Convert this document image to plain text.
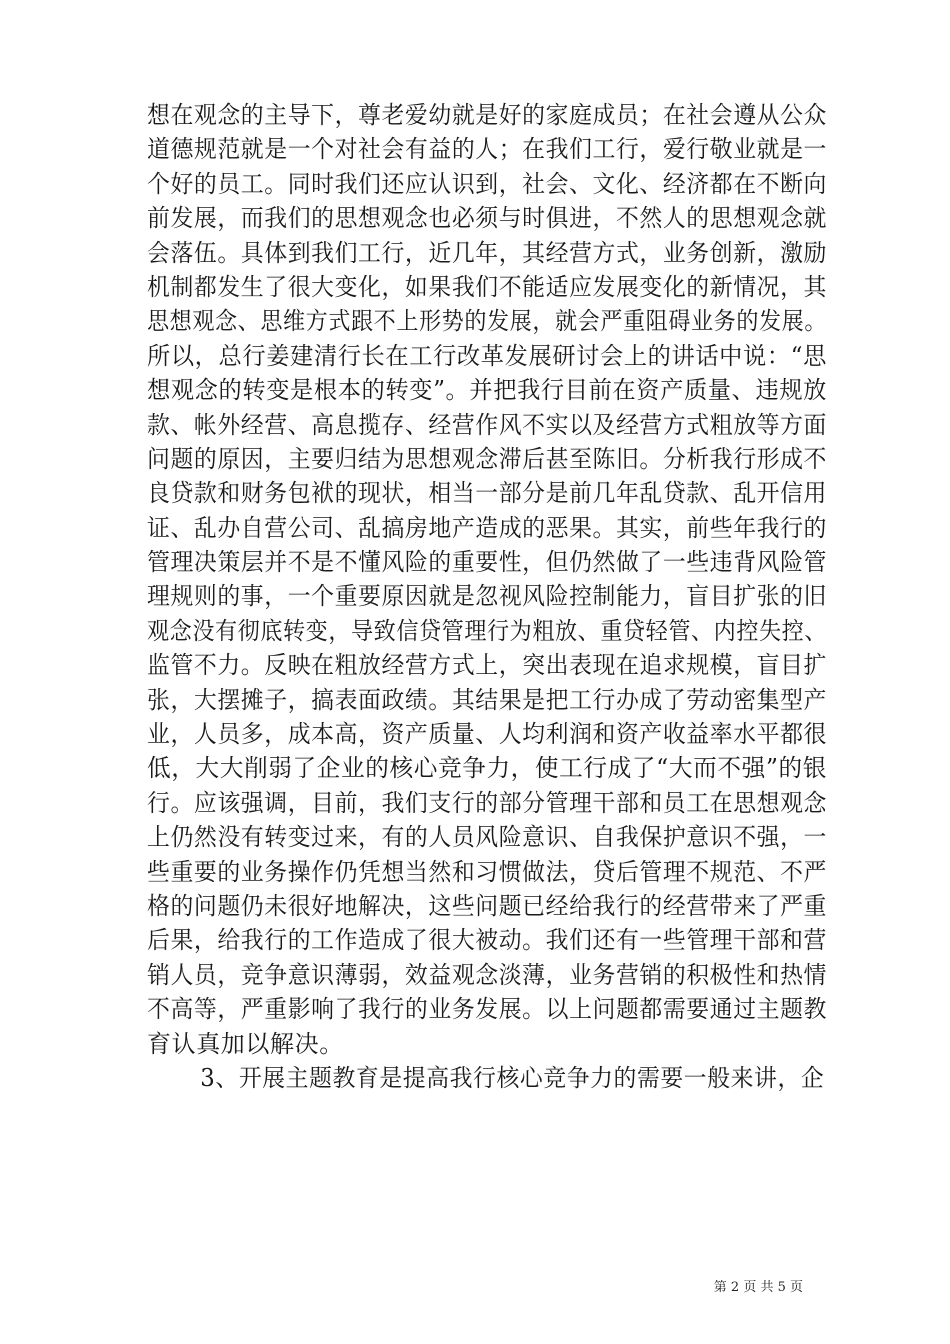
想在观念的主导下，尊老爱幼就是好的家庭成员；在社会遵从公众
道德规范就是一个对社会有益的人；在我们工行，爱行敬业就是一
个好的员工。同时我们还应认识到，社会、文化、经济都在不断向
前发展，而我们的思想观念也必须与时俱进，不然人的思想观念就
会落伍。具体到我们工行，近几年，其经营方式，业务创新，激励
机制都发生了很大变化，如果我们不能适应发展变化的新情况，其
思想观念、思维方式跟不上形势的发展，就会严重阻碍业务的发展。
所以，总行姜建清行长在工行改革发展研讨会上的讲话中说：“思
想观念的转变是根本的转变”。并把我行目前在资产质量、违规放
款、帐外经营、高息揽存、经营作风不实以及经营方式粗放等方面
问题的原因，主要归结为思想观念滞后甚至陈旧。分析我行形成不
良贷款和财务包袱的现状，相当一部分是前几年乱贷款、乱开信用
证、乱办自营公司、乱搞房地产造成的恶果。其实，前些年我行的
管理决策层并不是不懂风险的重要性，但仍然做了一些违背风险管
理规则的事，一个重要原因就是忽视风险控制能力，盲目扩张的旧
观念没有彻底转变，导致信贷管理行为粗放、重贷轻管、内控失控、
监管不力。反映在粗放经营方式上，突出表现在追求规模，盲目扩
张，大摆摊子，搞表面政绩。其结果是把工行办成了劳动密集型产
业，人员多，成本高，资产质量、人均利润和资产收益率水平都很
低，大大削弱了企业的核心竞争力，使工行成了“大而不强”的银
行。应该强调，目前，我们支行的部分管理干部和员工在思想观念
上仍然没有转变过来，有的人员风险意识、自我保护意识不强，一
些重要的业务操作仍凭想当然和习惯做法，贷后管理不规范、不严
格的问题仍未很好地解决，这些问题已经给我行的经营带来了严重
后果，给我行的工作造成了很大被动。我们还有一些管理干部和营
销人员，竞争意识薄弱，效益观念淡薄，业务营销的积极性和热情
不高等，严重影响了我行的业务发展。以上问题都需要通过主题教
育认真加以解决。
3、开展主题教育是提高我行核心竞争力的需要一般来讲，企
第 2 页 共 5 页
